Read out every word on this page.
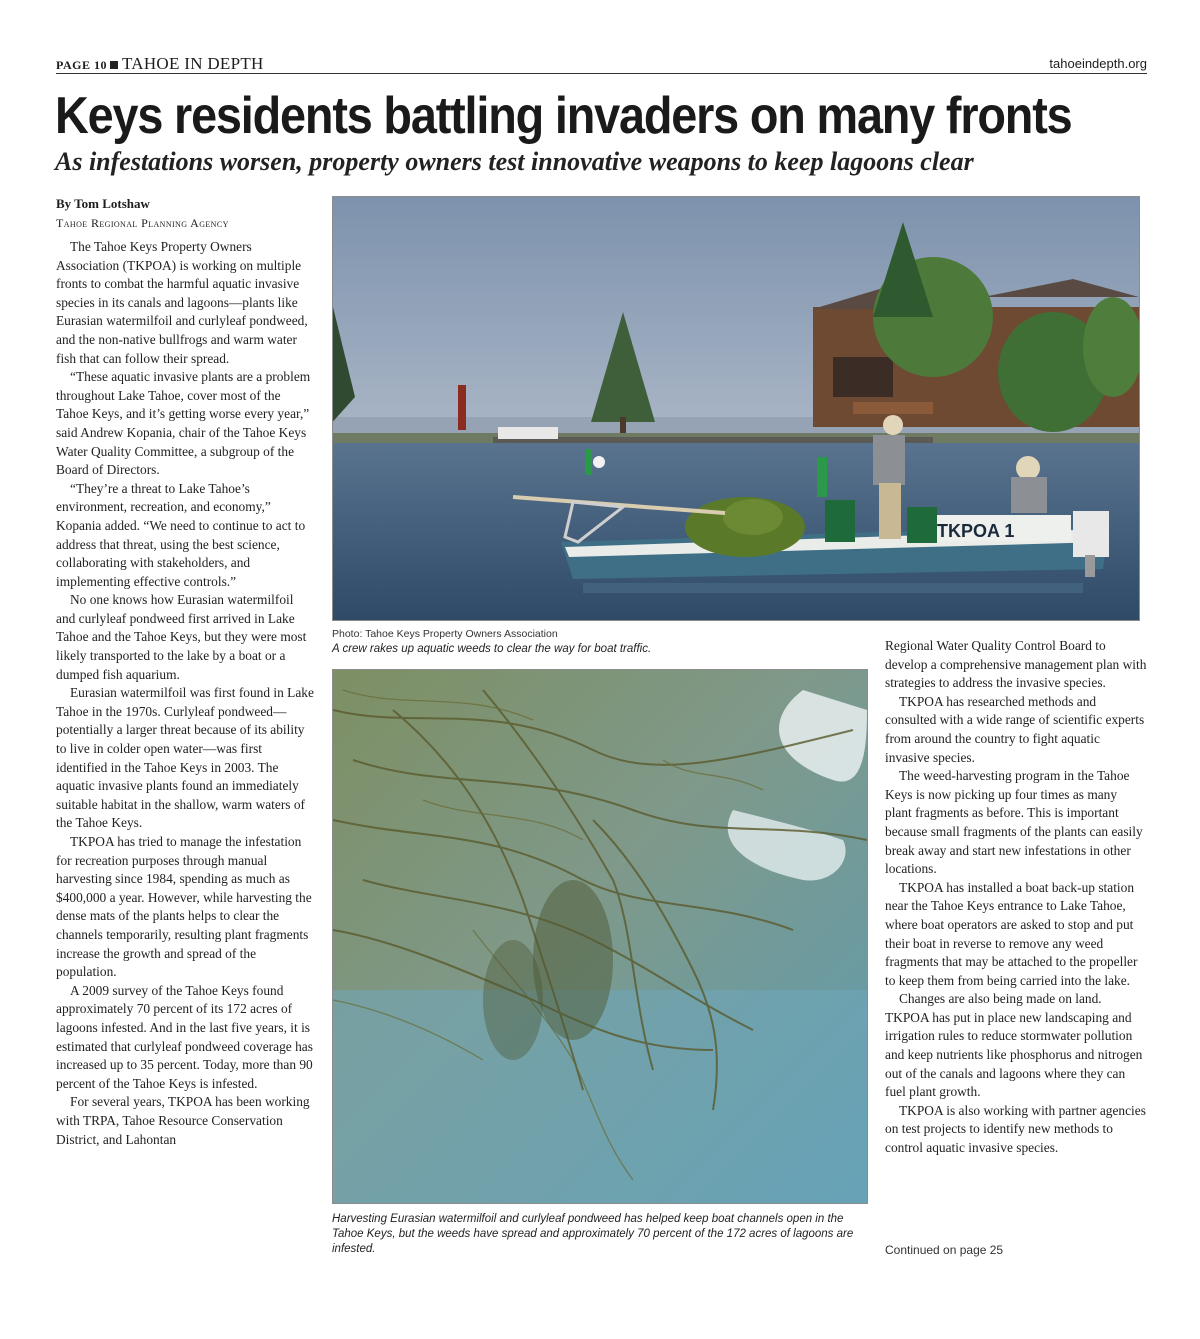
PAGE 10 TAHOE IN DEPTH	tahoeindepth.org
Keys residents battling invaders on many fronts
As infestations worsen, property owners test innovative weapons to keep lagoons clear
By Tom Lotshaw
Tahoe Regional Planning Agency

The Tahoe Keys Property Owners Association (TKPOA) is working on multiple fronts to combat the harmful aquatic invasive species in its canals and lagoons—plants like Eurasian watermilfoil and curlyleaf pondweed, and the non-native bullfrogs and warm water fish that can follow their spread.

“These aquatic invasive plants are a problem throughout Lake Tahoe, cover most of the Tahoe Keys, and it’s getting worse every year,” said Andrew Kopania, chair of the Tahoe Keys Water Quality Committee, a subgroup of the Board of Directors.

“They’re a threat to Lake Tahoe’s environment, recreation, and economy,” Kopania added. “We need to continue to act to address that threat, using the best science, collaborating with stakeholders, and implementing effective controls.”

No one knows how Eurasian watermilfoil and curlyleaf pondweed first arrived in Lake Tahoe and the Tahoe Keys, but they were most likely transported to the lake by a boat or a dumped fish aquarium.

Eurasian watermilfoil was first found in Lake Tahoe in the 1970s. Curlyleaf pondweed—potentially a larger threat because of its ability to live in colder open water—was first identified in the Tahoe Keys in 2003. The aquatic invasive plants found an immediately suitable habitat in the shallow, warm waters of the Tahoe Keys.

TKPOA has tried to manage the infestation for recreation purposes through manual harvesting since 1984, spending as much as $400,000 a year. However, while harvesting the dense mats of the plants helps to clear the channels temporarily, resulting plant fragments increase the growth and spread of the population.

A 2009 survey of the Tahoe Keys found approximately 70 percent of its 172 acres of lagoons infested. And in the last five years, it is estimated that curlyleaf pondweed coverage has increased up to 35 percent. Today, more than 90 percent of the Tahoe Keys is infested.

For several years, TKPOA has been working with TRPA, Tahoe Resource Conservation District, and Lahontan

TKPOA 1
Photo: Tahoe Keys Property Owners Association
A crew rakes up aquatic weeds to clear the way for boat traffic.
Harvesting Eurasian watermilfoil and curlyleaf pondweed has helped keep boat channels open in the Tahoe Keys, but the weeds have spread and approximately 70 percent of the 172 acres of lagoons are infested.

Regional Water Quality Control Board to develop a comprehensive management plan with strategies to address the invasive species.

TKPOA has researched methods and consulted with a wide range of scientific experts from around the country to fight aquatic invasive species.

The weed-harvesting program in the Tahoe Keys is now picking up four times as many plant fragments as before. This is important because small fragments of the plants can easily break away and start new infestations in other locations.

TKPOA has installed a boat back-up station near the Tahoe Keys entrance to Lake Tahoe, where boat operators are asked to stop and put their boat in reverse to remove any weed fragments that may be attached to the propeller to keep them from being carried into the lake.

Changes are also being made on land. TKPOA has put in place new landscaping and irrigation rules to reduce stormwater pollution and keep nutrients like phosphorus and nitrogen out of the canals and lagoons where they can fuel plant growth.

TKPOA is also working with partner agencies on test projects to identify new methods to control aquatic invasive species.

Continued on page 25
